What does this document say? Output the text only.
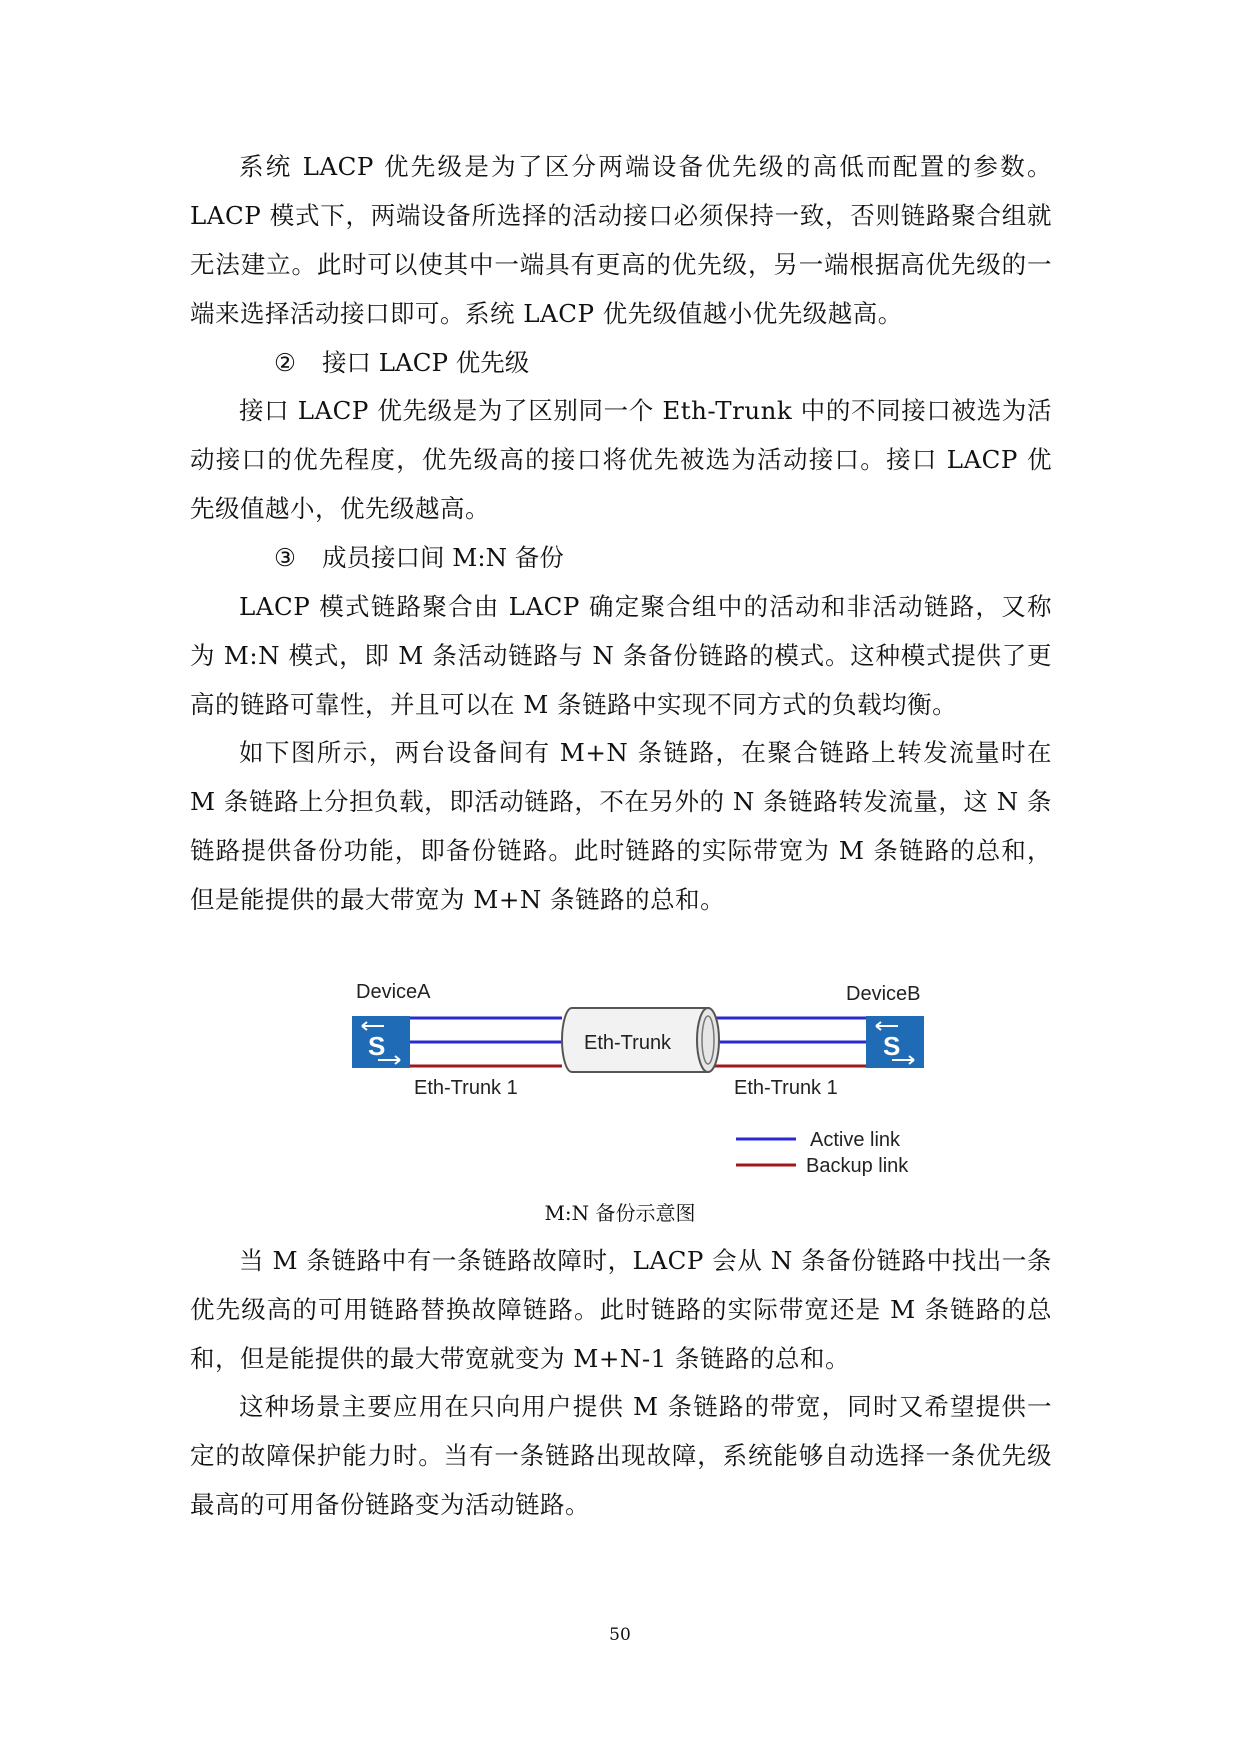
系统 LACP 优先级是为了区分两端设备优先级的高低而配置的参数。LACP 模式下，两端设备所选择的活动接口必须保持一致，否则链路聚合组就无法建立。此时可以使其中一端具有更高的优先级，另一端根据高优先级的一端来选择活动接口即可。系统 LACP 优先级值越小优先级越高。

② 接口 LACP 优先级

接口 LACP 优先级是为了区别同一个 Eth-Trunk 中的不同接口被选为活动接口的优先程度，优先级高的接口将优先被选为活动接口。接口 LACP 优先级值越小，优先级越高。

③ 成员接口间 M:N 备份

LACP 模式链路聚合由 LACP 确定聚合组中的活动和非活动链路，又称为 M:N 模式，即 M 条活动链路与 N 条备份链路的模式。这种模式提供了更高的链路可靠性，并且可以在 M 条链路中实现不同方式的负载均衡。

如下图所示，两台设备间有 M+N 条链路，在聚合链路上转发流量时在 M 条链路上分担负载，即活动链路，不在另外的 N 条链路转发流量，这 N 条链路提供备份功能，即备份链路。此时链路的实际带宽为 M 条链路的总和，但是能提供的最大带宽为 M+N 条链路的总和。

DeviceA	DeviceB
Eth-Trunk
S	S
Eth-Trunk 1	Eth-Trunk 1
Active link
Backup link
M:N 备份示意图

当 M 条链路中有一条链路故障时，LACP 会从 N 条备份链路中找出一条优先级高的可用链路替换故障链路。此时链路的实际带宽还是 M 条链路的总和，但是能提供的最大带宽就变为 M+N-1 条链路的总和。

这种场景主要应用在只向用户提供 M 条链路的带宽，同时又希望提供一定的故障保护能力时。当有一条链路出现故障，系统能够自动选择一条优先级最高的可用备份链路变为活动链路。

50
